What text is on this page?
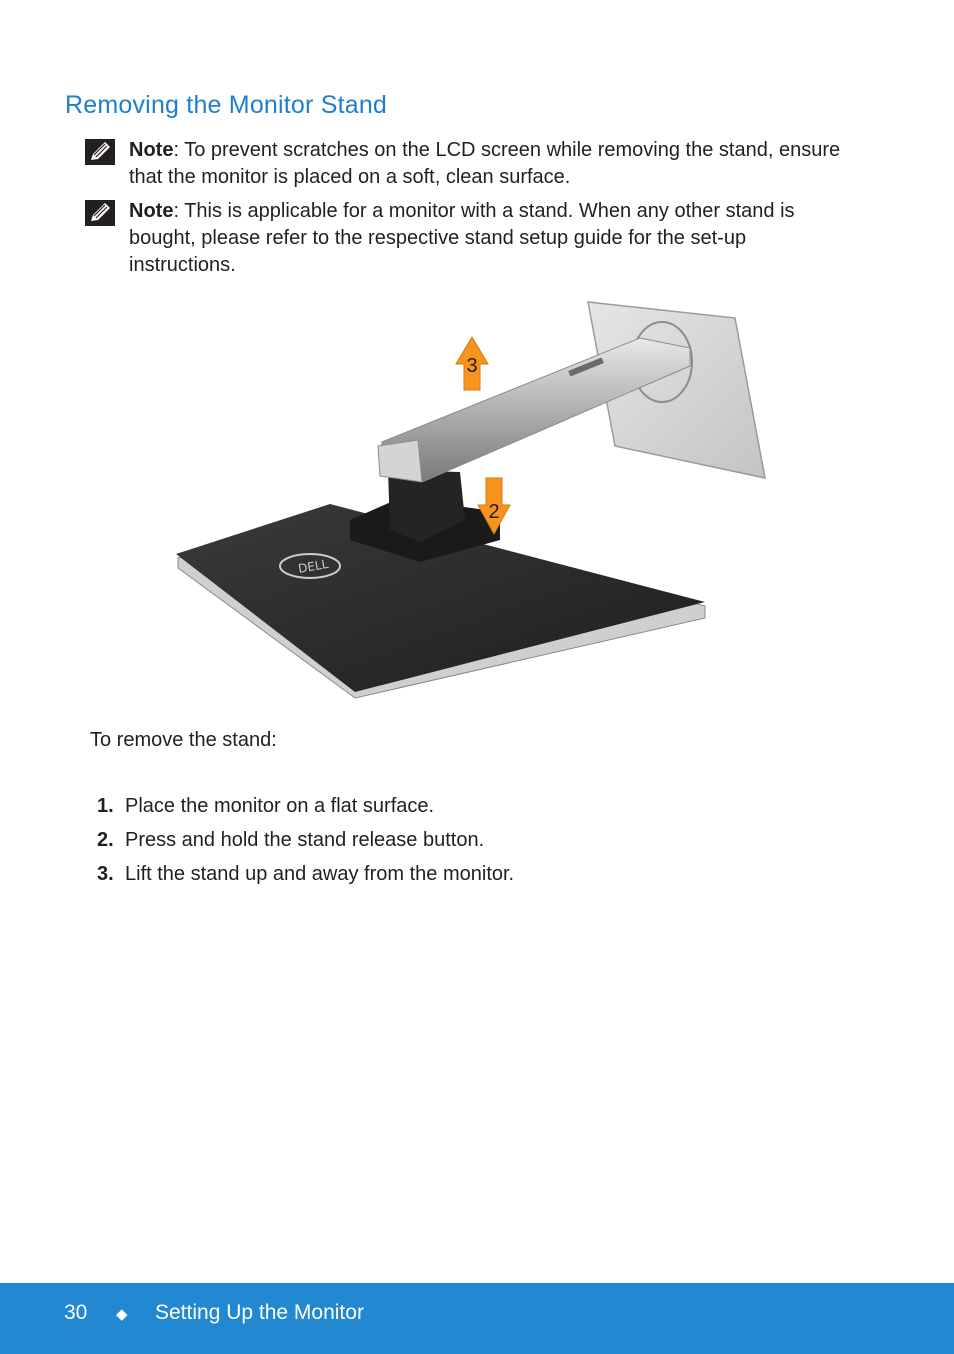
Removing the Monitor Stand
Note: To prevent scratches on the LCD screen while removing the stand, ensure that the monitor is placed on a soft, clean surface.
Note: This is applicable for a monitor with a stand. When any other stand is bought, please refer to the respective stand setup guide for the set-up instructions.
DELL
3
2
To remove the stand:
1. Place the monitor on a flat surface.
2. Press and hold the stand release button.
3. Lift the stand up and away from the monitor.
30 ◆ Setting Up the Monitor
